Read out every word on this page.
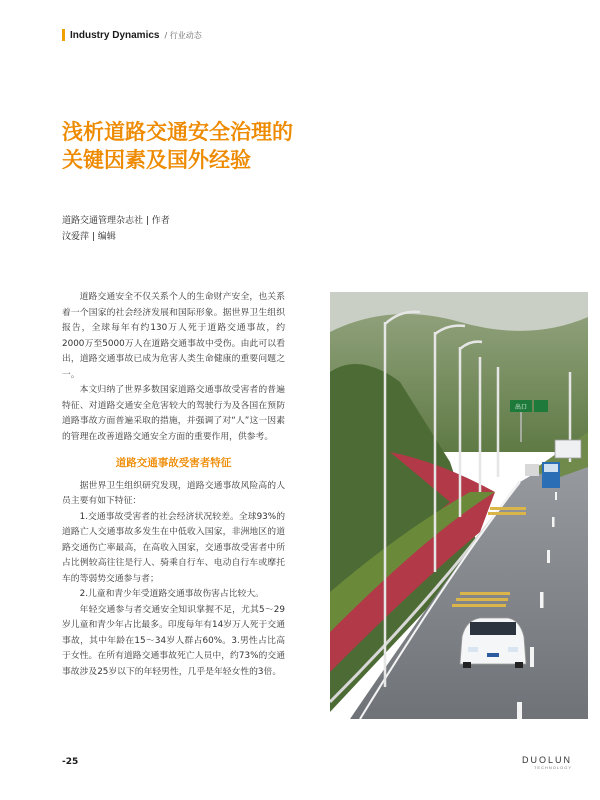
Industry Dynamics / 行业动态
浅析道路交通安全治理的
关键因素及国外经验
道路交通管理杂志社 | 作者
汶爱萍 | 编辑

道路交通安全不仅关系个人的生命财产安全，也关系着一个国家的社会经济发展和国际形象。据世界卫生组织报告，全球每年有约130万人死于道路交通事故，约2000万至5000万人在道路交通事故中受伤。由此可以看出，道路交通事故已成为危害人类生命健康的重要问题之一。

本文归纳了世界多数国家道路交通事故受害者的普遍特征、对道路交通安全危害较大的驾驶行为及各国在预防道路事故方面普遍采取的措施，并强调了对“人”这一因素的管理在改善道路交通安全方面的重要作用，供参考。

道路交通事故受害者特征

据世界卫生组织研究发现，道路交通事故风险高的人员主要有如下特征：

1.交通事故受害者的社会经济状况较差。全球93%的道路亡人交通事故多发生在中低收入国家，非洲地区的道路交通伤亡率最高，在高收入国家，交通事故受害者中所占比例较高往往是行人、骑乘自行车、电动自行车或摩托车的等弱势交通参与者；

2.儿童和青少年受道路交通事故伤害占比较大。

年轻交通参与者交通安全知识掌握不足，尤其5～29岁儿童和青少年占比最多。印度每年有14岁万人死于交通事故，其中年龄在15～34岁人群占60%。3.男性占比高于女性。在所有道路交通事故死亡人员中，约73%的交通事故涉及25岁以下的年轻男性，几乎是年轻女性的3倍。

出口
-25	DUOLUN
TECHNOLOGY
